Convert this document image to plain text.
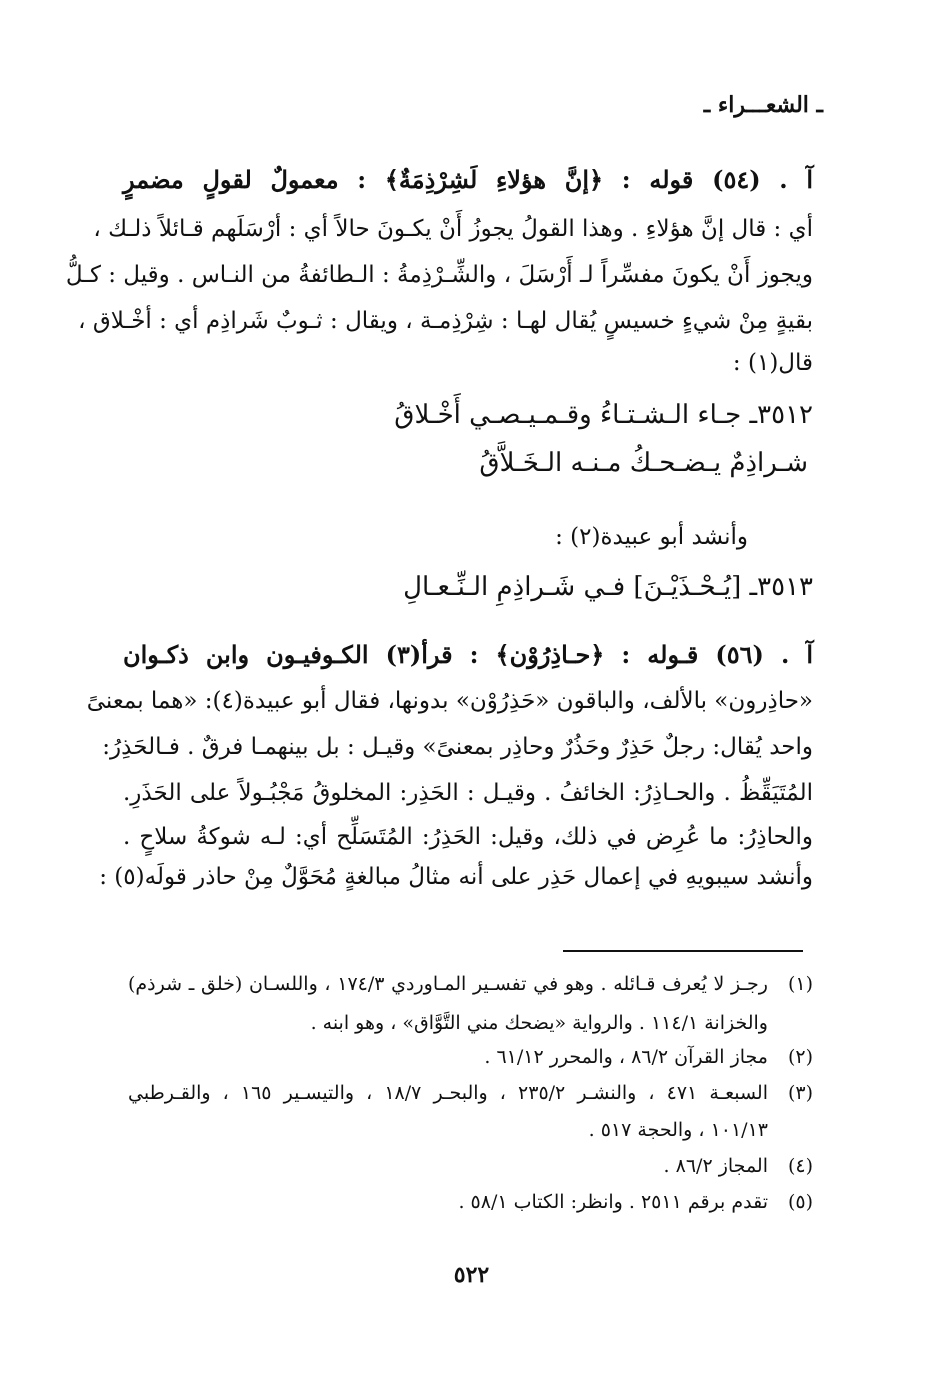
ـ الشعـــراء ـ
آ . (٥٤) قوله : ﴿إنَّ هؤلاءِ لَشِرْذِمَةٌ﴾ : معمولٌ لقولٍ مضمرٍ
أي : قال إنَّ هؤلاءِ . وهذا القولُ يجوزُ أَنْ يكـونَ حالاً أي : أرْسَلَهم قـائلاً ذلـك ،
ويجوز أَنْ يكونَ مفسِّراً لـ أَرْسَلَ ، والشِّـرْذِمةُ : الـطائفةُ من النـاس . وقيل : كـلُّ
بقيةٍ مِنْ شيءٍ خسيسٍ يُقال لهـا : شِرْذِمـة ، ويقال : ثـوبٌ شَراذِم أي : أخْـلاق ،
قال(١) :
٣٥١٢ـ جـاء الـشـتـاءُ وقـمـيـصـي أَخْـلاقُ
شـراذِمٌ يـضـحـكُ مـنـه الـخَـلاَّقُ
وأنشد أبو عبيدة(٢) :
٣٥١٣ـ [يُـحْـذَيْـنَ] فـي شَـراذِمِ الـنِّـعـالِ
آ . (٥٦) قـوله : ﴿حـاذِرُوْن﴾ : قرأ(٣) الكـوفيـون وابن ذكـوان
«حاذِرون» بالألف، والباقون «حَذِرُوْن» بدونها، فقال أبو عبيدة(٤): «هما بمعنىً
واحد يُقال: رجلٌ حَذِرٌ وحَذُرٌ وحاذِر بمعنىً» وقيـل : بل بينهمـا فرقٌ . فـالحَذِرُ:
المُتَيَقِّظُ . والحـاذِرُ: الخائفُ . وقيـل : الحَذِر: المخلوقُ مَجْبُـولاً على الحَذَرِ.
والحاذِرُ: ما عُرِض في ذلك، وقيل: الحَذِرُ: المُتَسَلِّح أي: لـه شوكةُ سلاحٍ .
وأنشد سيبويهِ في إعمال حَذِر على أنه مثالُ مبالغةٍ مُحَوَّلٌ مِنْ حاذر قولَه(٥) :
(١)
رجـز لا يُعرف قـائله . وهو في تفسـير المـاوردي ١٧٤/٣ ، واللسـان (خلق ـ شرذم)
والخزانة ١١٤/١ . والرواية «يضحك مني التَّوَّاق» ، وهو ابنه .
(٢)
مجاز القرآن ٨٦/٢ ، والمحرر ٦١/١٢ .
(٣)
السبعـة ٤٧١ ، والنشـر ٢٣٥/٢ ، والبحـر ١٨/٧ ، والتيسـير ١٦٥ ، والقـرطبي
١٠١/١٣ ، والحجة ٥١٧ .
(٤)
المجاز ٨٦/٢ .
(٥)
تقدم برقم ٢٥١١ . وانظر: الكتاب ٥٨/١ .
٥٢٢
